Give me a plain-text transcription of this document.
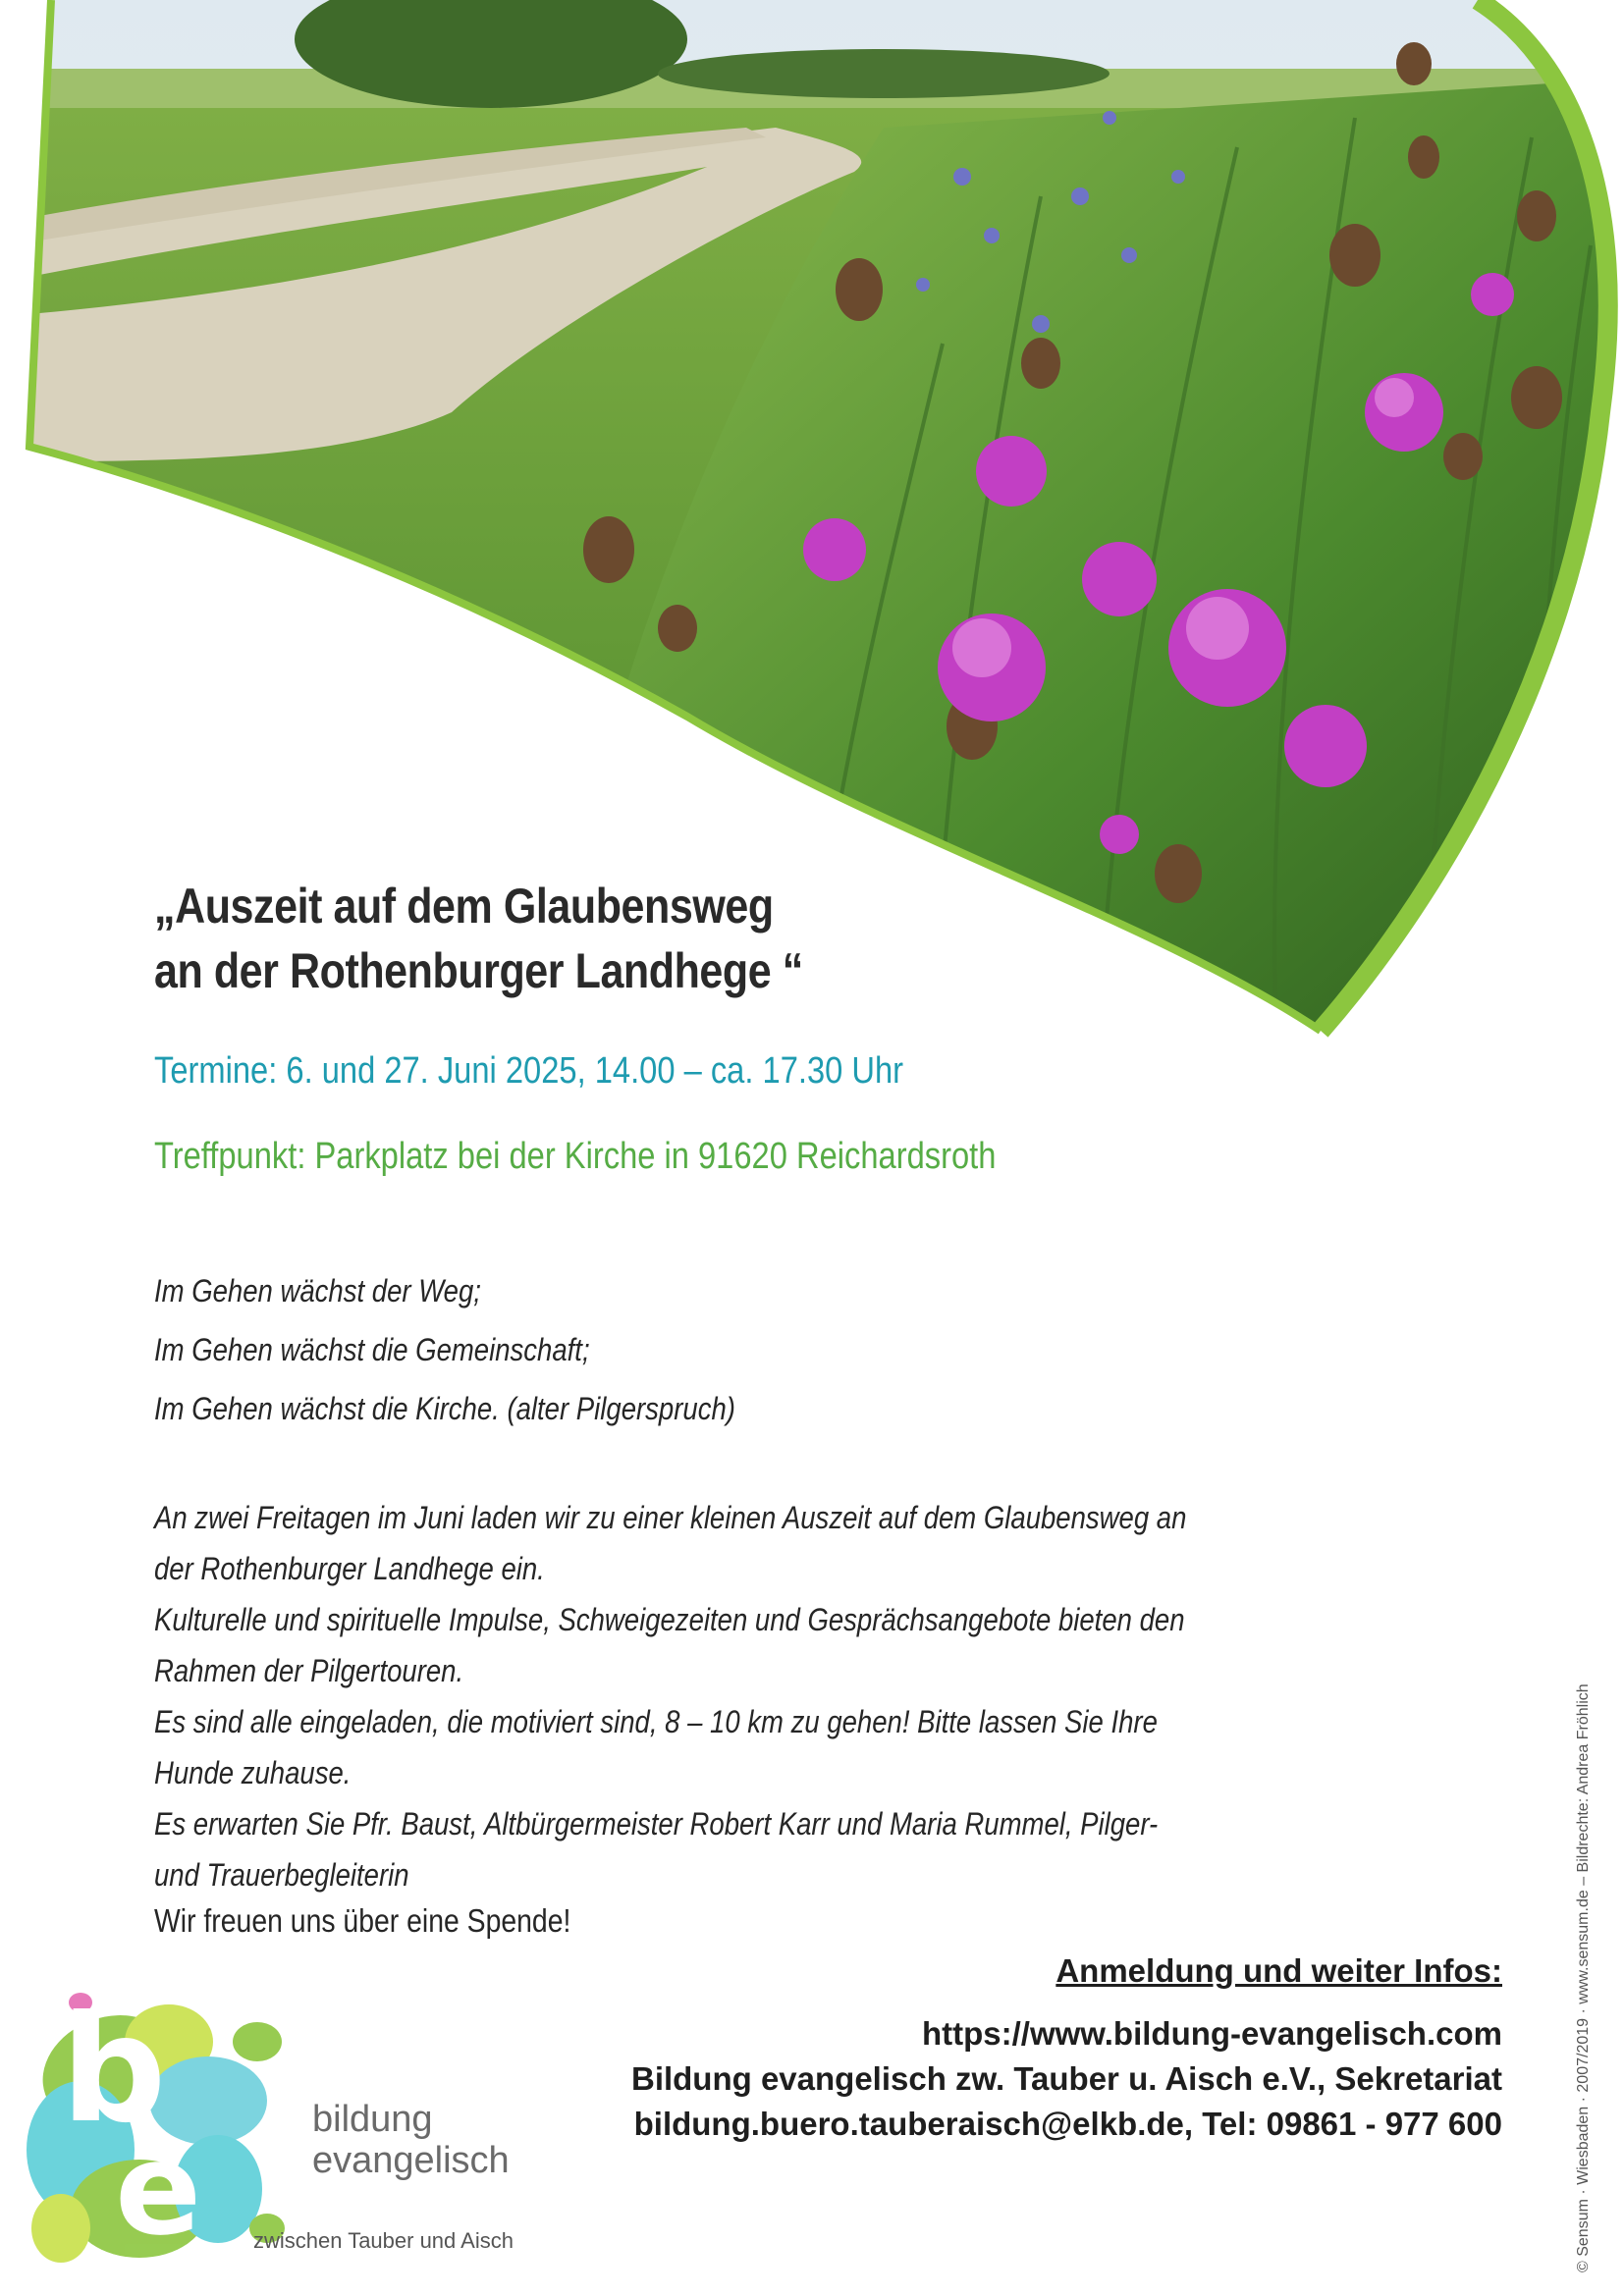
„Auszeit auf dem Glaubensweg
an der Rothenburger Landhege “

Termine: 6. und 27. Juni 2025, 14.00 – ca. 17.30 Uhr

Treffpunkt: Parkplatz bei der Kirche in 91620 Reichardsroth

Im Gehen wächst der Weg;
Im Gehen wächst die Gemeinschaft;
Im Gehen wächst die Kirche. (alter Pilgerspruch)

An zwei Freitagen im Juni laden wir zu einer kleinen Auszeit auf dem Glaubensweg an der Rothenburger Landhege ein.

Kulturelle und spirituelle Impulse, Schweigezeiten und Gesprächsangebote bieten den Rahmen der Pilgertouren.

Es sind alle eingeladen, die motiviert sind, 8 – 10 km zu gehen! Bitte lassen Sie Ihre Hunde zuhause.

Es erwarten Sie Pfr. Baust, Altbürgermeister Robert Karr und Maria Rummel, Pilger- und Trauerbegleiterin

Wir freuen uns über eine Spende!
Anmeldung und weiter Infos:
https://www.bildung-evangelisch.com
Bildung evangelisch zw. Tauber u. Aisch e.V., Sekretariat
bildung.buero.tauberaisch@elkb.de, Tel: 09861 - 977 600
b
e	bildung
evangelisch
zwischen Tauber und Aisch	© Sensum · Wiesbaden · 2007/2019 · www.sensum.de – Bildrechte: Andrea Fröhlich
